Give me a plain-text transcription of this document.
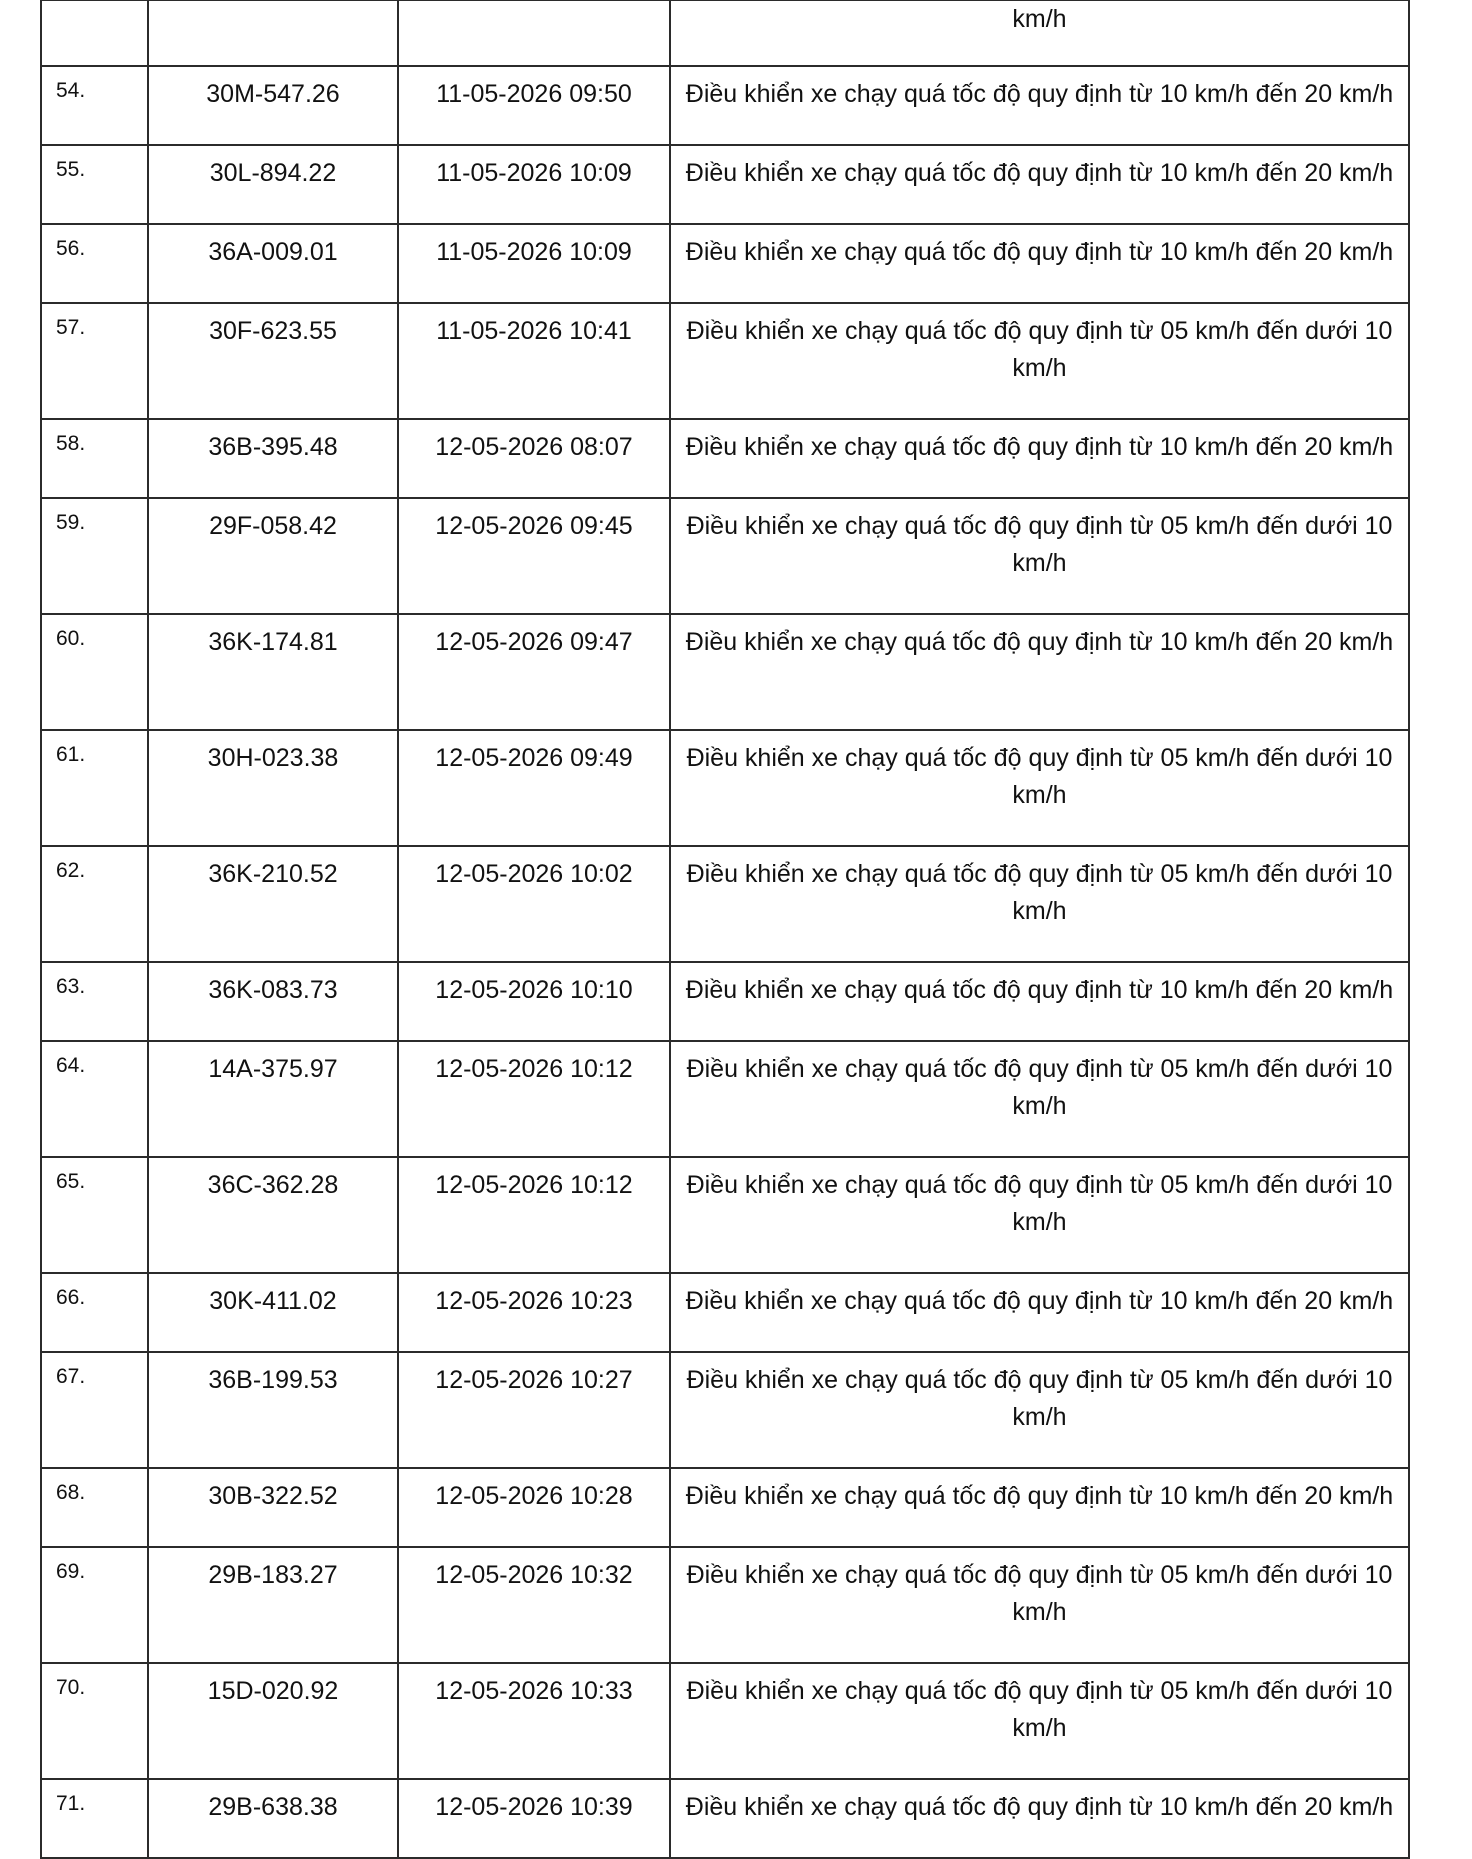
			km/h
54.	30M-547.26	11-05-2026 09:50	Điều khiển xe chạy quá tốc độ quy định từ 10 km/h đến 20 km/h
55.	30L-894.22	11-05-2026 10:09	Điều khiển xe chạy quá tốc độ quy định từ 10 km/h đến 20 km/h
56.	36A-009.01	11-05-2026 10:09	Điều khiển xe chạy quá tốc độ quy định từ 10 km/h đến 20 km/h
57.	30F-623.55	11-05-2026 10:41	Điều khiển xe chạy quá tốc độ quy định từ 05 km/h đến dưới 10 km/h
58.	36B-395.48	12-05-2026 08:07	Điều khiển xe chạy quá tốc độ quy định từ 10 km/h đến 20 km/h
59.	29F-058.42	12-05-2026 09:45	Điều khiển xe chạy quá tốc độ quy định từ 05 km/h đến dưới 10 km/h
60.	36K-174.81	12-05-2026 09:47	Điều khiển xe chạy quá tốc độ quy định từ 10 km/h đến 20 km/h
61.	30H-023.38	12-05-2026 09:49	Điều khiển xe chạy quá tốc độ quy định từ 05 km/h đến dưới 10 km/h
62.	36K-210.52	12-05-2026 10:02	Điều khiển xe chạy quá tốc độ quy định từ 05 km/h đến dưới 10 km/h
63.	36K-083.73	12-05-2026 10:10	Điều khiển xe chạy quá tốc độ quy định từ 10 km/h đến 20 km/h
64.	14A-375.97	12-05-2026 10:12	Điều khiển xe chạy quá tốc độ quy định từ 05 km/h đến dưới 10 km/h
65.	36C-362.28	12-05-2026 10:12	Điều khiển xe chạy quá tốc độ quy định từ 05 km/h đến dưới 10 km/h
66.	30K-411.02	12-05-2026 10:23	Điều khiển xe chạy quá tốc độ quy định từ 10 km/h đến 20 km/h
67.	36B-199.53	12-05-2026 10:27	Điều khiển xe chạy quá tốc độ quy định từ 05 km/h đến dưới 10 km/h
68.	30B-322.52	12-05-2026 10:28	Điều khiển xe chạy quá tốc độ quy định từ 10 km/h đến 20 km/h
69.	29B-183.27	12-05-2026 10:32	Điều khiển xe chạy quá tốc độ quy định từ 05 km/h đến dưới 10 km/h
70.	15D-020.92	12-05-2026 10:33	Điều khiển xe chạy quá tốc độ quy định từ 05 km/h đến dưới 10 km/h
71.	29B-638.38	12-05-2026 10:39	Điều khiển xe chạy quá tốc độ quy định từ 10 km/h đến 20 km/h
